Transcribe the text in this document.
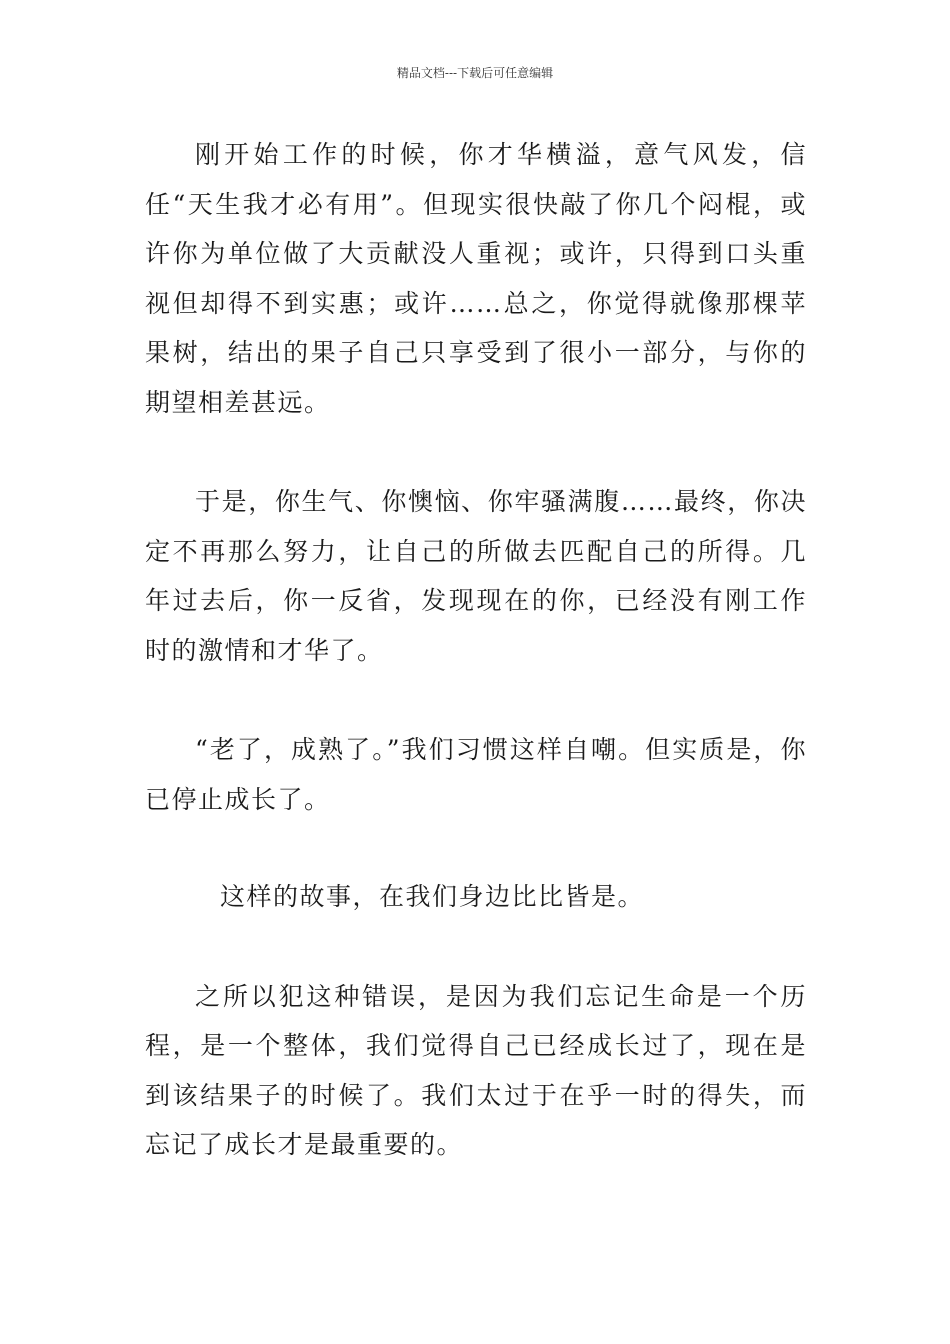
精品文档---下载后可任意编辑

刚开始工作的时候，你才华横溢，意气风发，信任“天生我才必有用”。但现实很快敲了你几个闷棍，或许你为单位做了大贡献没人重视；或许，只得到口头重视但却得不到实惠；或许……总之，你觉得就像那棵苹果树，结出的果子自己只享受到了很小一部分，与你的期望相差甚远。

于是，你生气、你懊恼、你牢骚满腹……最终，你决定不再那么努力，让自己的所做去匹配自己的所得。几年过去后，你一反省，发现现在的你，已经没有刚工作时的激情和才华了。

“老了，成熟了。”我们习惯这样自嘲。但实质是，你已停止成长了。

这样的故事，在我们身边比比皆是。

之所以犯这种错误，是因为我们忘记生命是一个历程，是一个整体，我们觉得自己已经成长过了，现在是到该结果子的时候了。我们太过于在乎一时的得失，而忘记了成长才是最重要的。
